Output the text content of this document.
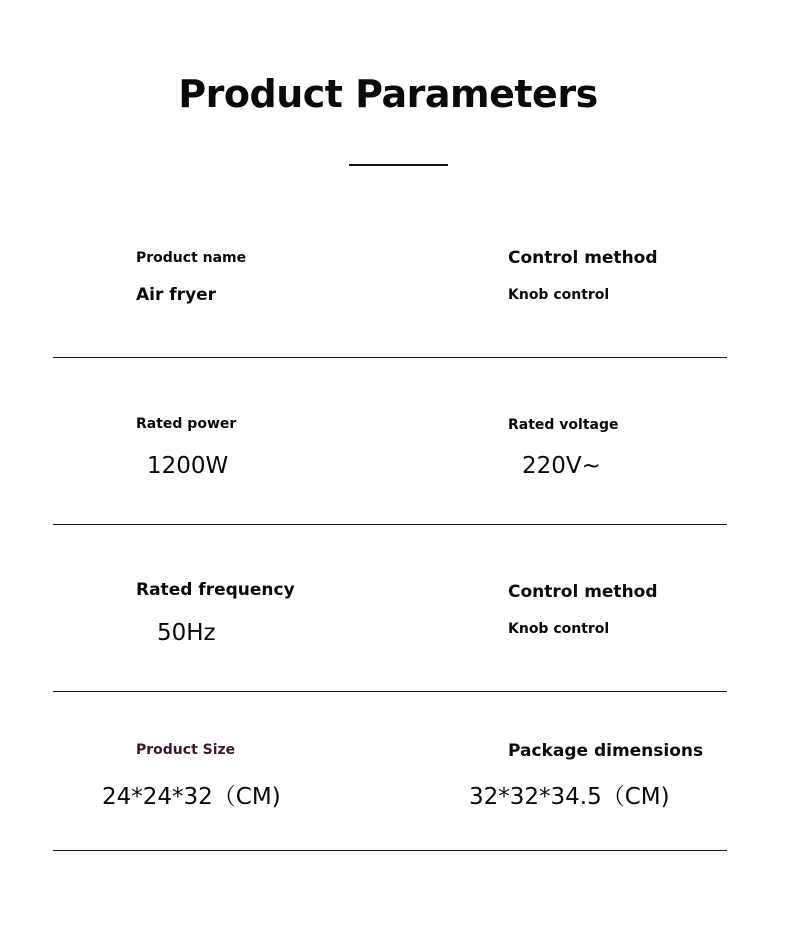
Product Parameters
Product name
Air fryer
Control method
Knob control
Rated power
1200W
Rated voltage
220V~
Rated frequency
50Hz
Control method
Knob control
Product Size
24*24*32（CM)
Package dimensions
32*32*34.5（CM)
